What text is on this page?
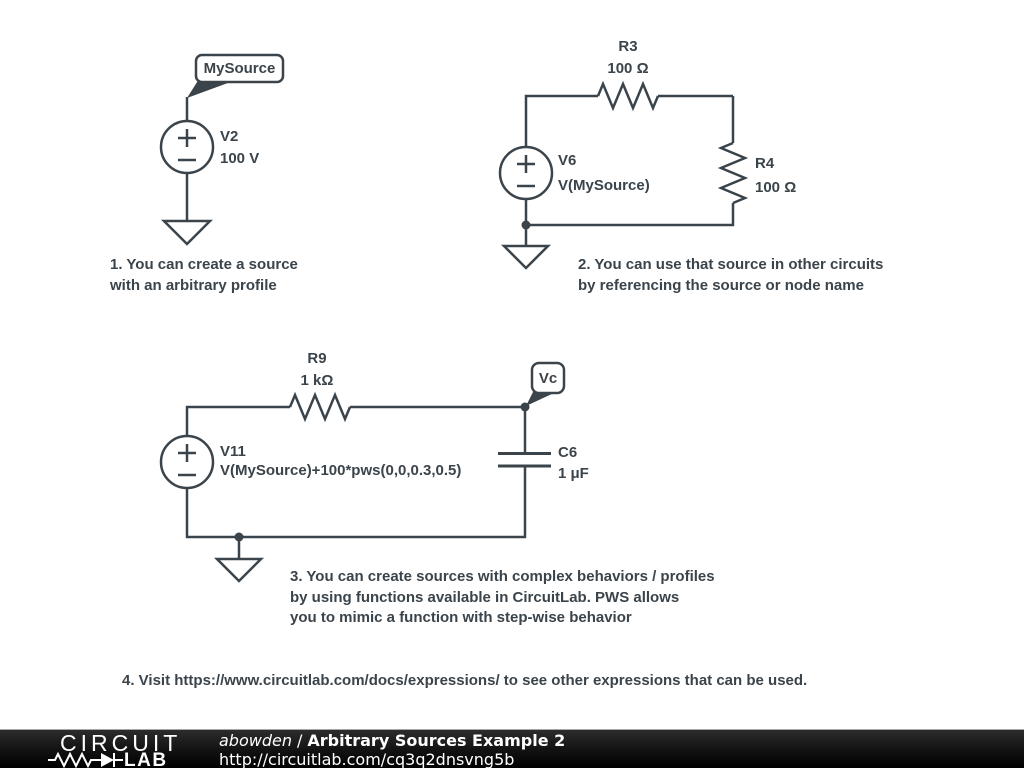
MySource
V2
100 V
1. You can create a source
with an arbitrary profile
R3
100 Ω
V6
V(MySource)
R4
100 Ω
2. You can use that source in other circuits
by referencing the source or node name
R9
1 kΩ	Vc
V11
V(MySource)+100*pws(0,0,0.3,0.5)
C6
1 μF
3. You can create sources with complex behaviors / profiles
by using functions available in CircuitLab. PWS allows
you to mimic a function with step-wise behavior
4. Visit https://www.circuitlab.com/docs/expressions/ to see other expressions that can be used.
CIRCUIT
LAB
abowden / Arbitrary Sources Example 2
http://circuitlab.com/cq3q2dnsvng5b
